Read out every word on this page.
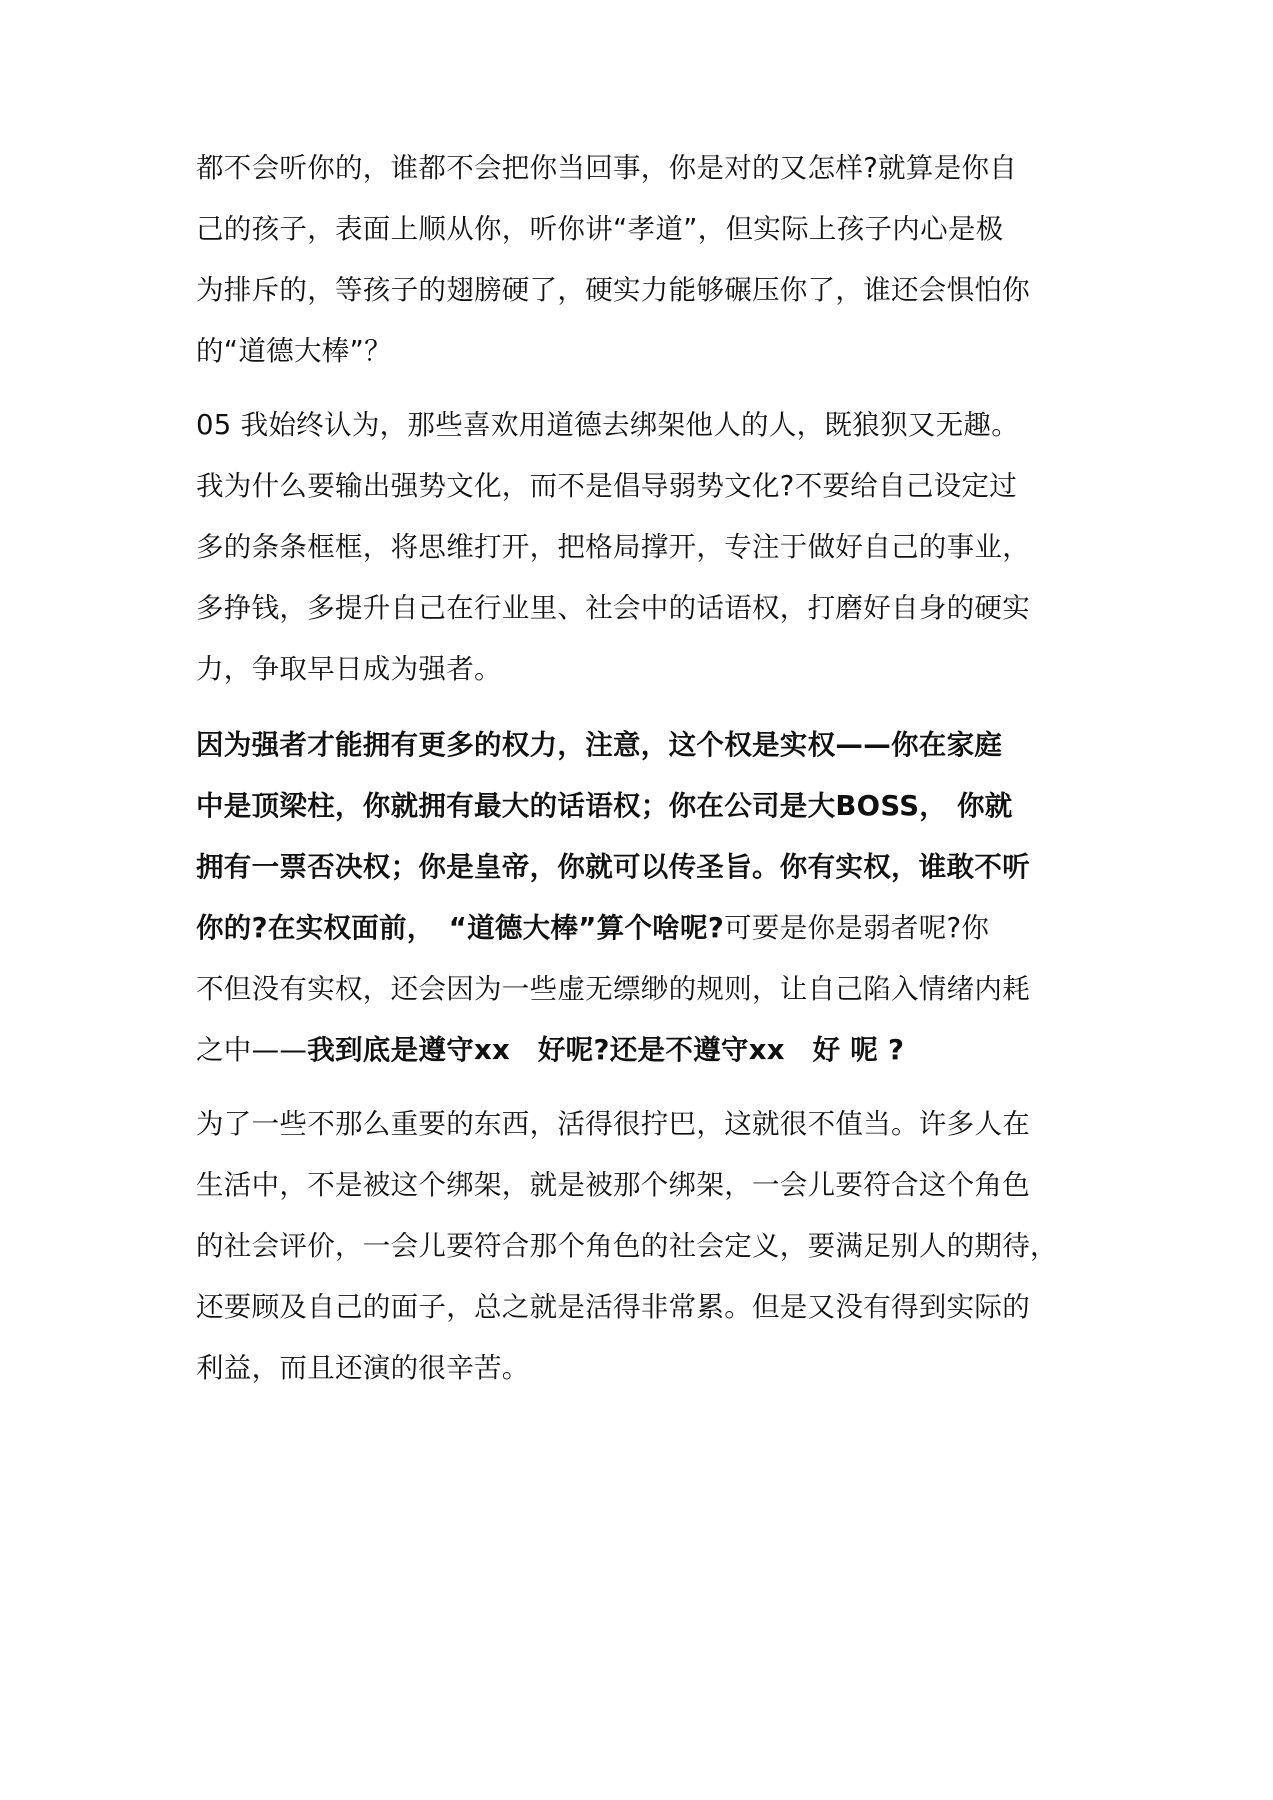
都不会听你的，谁都不会把你当回事，你是对的又怎样?就算是你自
己的孩子，表面上顺从你，听你讲“孝道”，但实际上孩子内心是极
为排斥的，等孩子的翅膀硬了，硬实力能够碾压你了，谁还会惧怕你
的“道德大棒”？
05 我始终认为，那些喜欢用道德去绑架他人的人，既狼狈又无趣。
我为什么要输出强势文化，而不是倡导弱势文化?不要给自己设定过
多的条条框框，将思维打开，把格局撑开，专注于做好自己的事业，
多挣钱，多提升自己在行业里、社会中的话语权，打磨好自身的硬实
力，争取早日成为强者。
因为强者才能拥有更多的权力，注意，这个权是实权——你在家庭
中是顶梁柱，你就拥有最大的话语权；你在公司是大BOSS， 你就
拥有一票否决权；你是皇帝，你就可以传圣旨。你有实权，谁敢不听
你的?在实权面前，　“道德大棒”算个啥呢?可要是你是弱者呢?你
不但没有实权，还会因为一些虚无缥缈的规则，让自己陷入情绪内耗
之中——我到底是遵守xx　好呢?还是不遵守xx　好 呢 ?
为了一些不那么重要的东西，活得很拧巴，这就很不值当。许多人在
生活中，不是被这个绑架，就是被那个绑架，一会儿要符合这个角色
的社会评价，一会儿要符合那个角色的社会定义，要满足别人的期待，
还要顾及自己的面子，总之就是活得非常累。但是又没有得到实际的
利益，而且还演的很辛苦。
